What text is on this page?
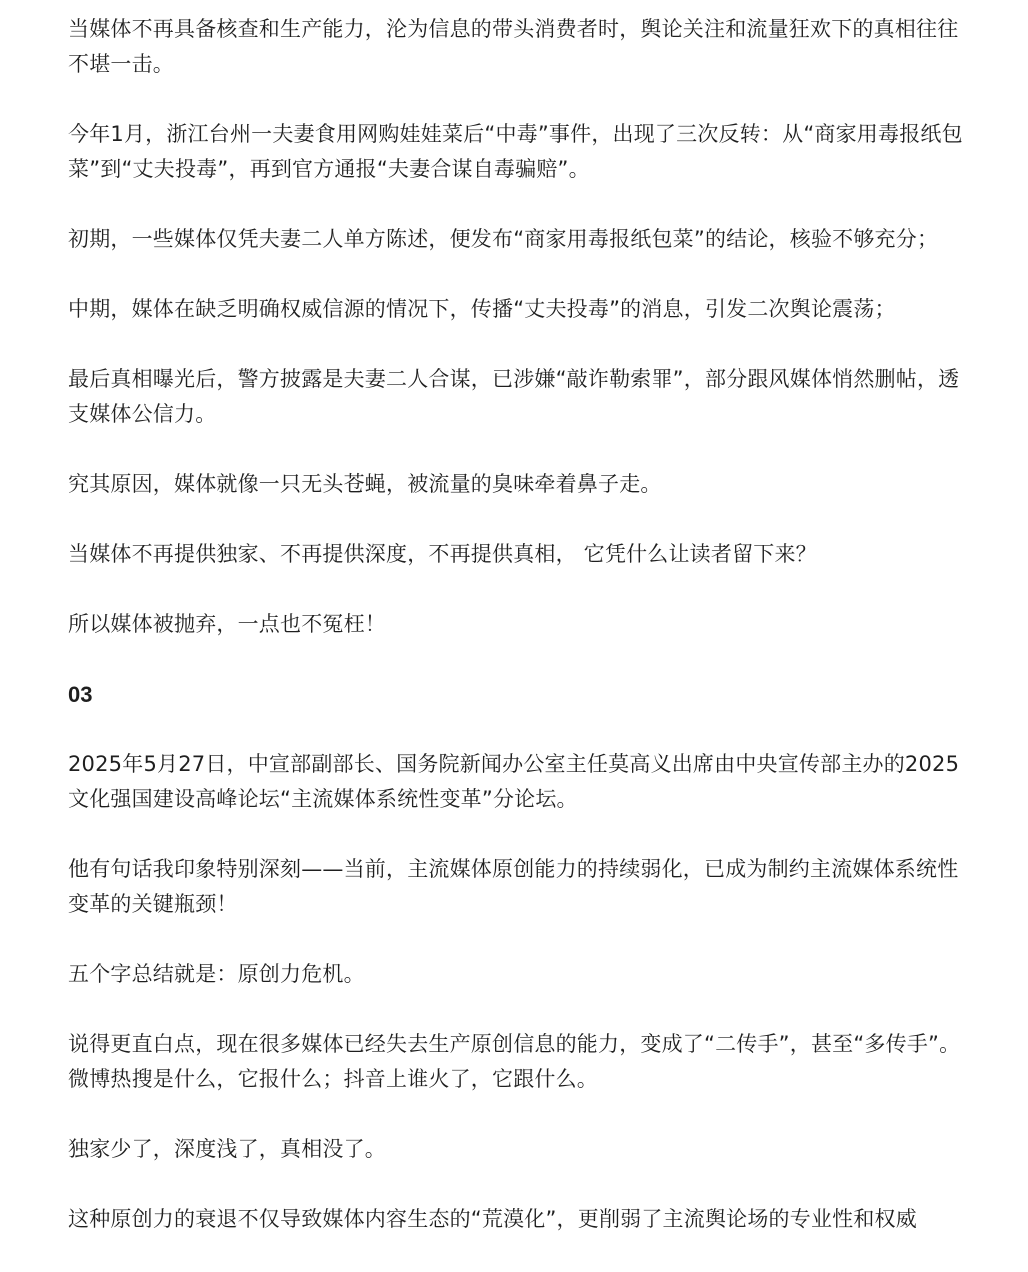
当媒体不再具备核查和生产能力，沦为信息的带头消费者时，舆论关注和流量狂欢下的真相往往不堪一击。

今年1月，浙江台州一夫妻食用网购娃娃菜后“中毒”事件，出现了三次反转：从“商家用毒报纸包菜”到“丈夫投毒”，再到官方通报“夫妻合谋自毒骗赔”。

初期，一些媒体仅凭夫妻二人单方陈述，便发布“商家用毒报纸包菜”的结论，核验不够充分；

中期，媒体在缺乏明确权威信源的情况下，传播“丈夫投毒”的消息，引发二次舆论震荡；

最后真相曝光后，警方披露是夫妻二人合谋，已涉嫌“敲诈勒索罪”，部分跟风媒体悄然删帖，透支媒体公信力。

究其原因，媒体就像一只无头苍蝇，被流量的臭味牵着鼻子走。

当媒体不再提供独家、不再提供深度，不再提供真相， 它凭什么让读者留下来？

所以媒体被抛弃，一点也不冤枉！

03

2025年5月27日，中宣部副部长、国务院新闻办公室主任莫高义出席由中央宣传部主办的2025文化强国建设高峰论坛“主流媒体系统性变革”分论坛。

他有句话我印象特别深刻——当前，主流媒体原创能力的持续弱化，已成为制约主流媒体系统性变革的关键瓶颈！

五个字总结就是：原创力危机。

说得更直白点，现在很多媒体已经失去生产原创信息的能力，变成了“二传手”，甚至“多传手”。微博热搜是什么，它报什么；抖音上谁火了，它跟什么。

独家少了，深度浅了，真相没了。

这种原创力的衰退不仅导致媒体内容生态的“荒漠化”，更削弱了主流舆论场的专业性和权威
